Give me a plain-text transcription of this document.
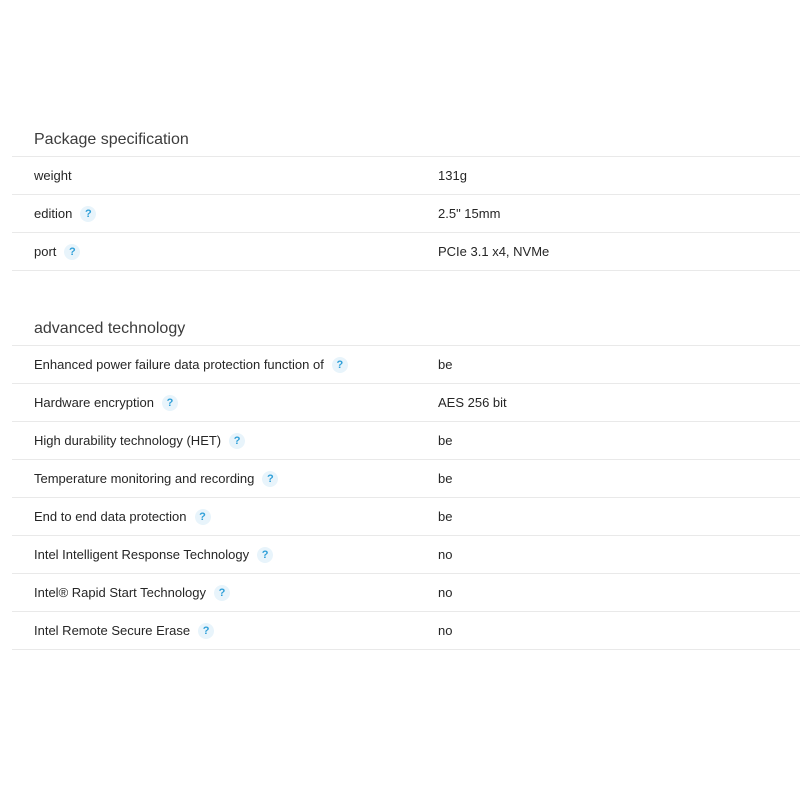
Package specification
weight	131g
edition ?	2.5" 15mm
port ?	PCIe 3.1 x4, NVMe
advanced technology
Enhanced power failure data protection function of ?	be
Hardware encryption ?	AES 256 bit
High durability technology (HET) ?	be
Temperature monitoring and recording ?	be
End to end data protection ?	be
Intel Intelligent Response Technology ?	no
Intel® Rapid Start Technology ?	no
Intel Remote Secure Erase ?	no
